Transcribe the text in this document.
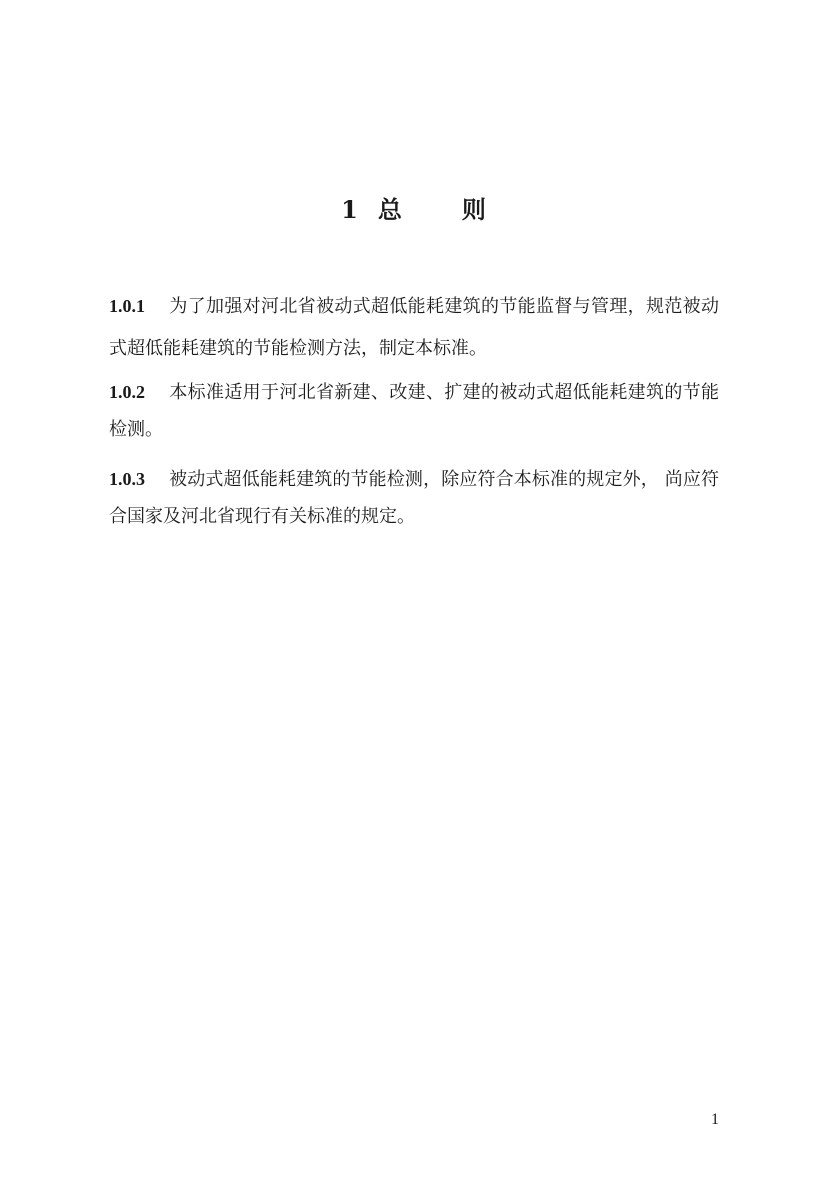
1 总	则
1.0.1 为了加强对河北省被动式超低能耗建筑的节能监督与管理，规范被动式超低能耗建筑的节能检测方法，制定本标准。
1.0.2 本标准适用于河北省新建、改建、扩建的被动式超低能耗建筑的节能检测。
1.0.3 被动式超低能耗建筑的节能检测，除应符合本标准的规定外， 尚应符合国家及河北省现行有关标准的规定。
1
